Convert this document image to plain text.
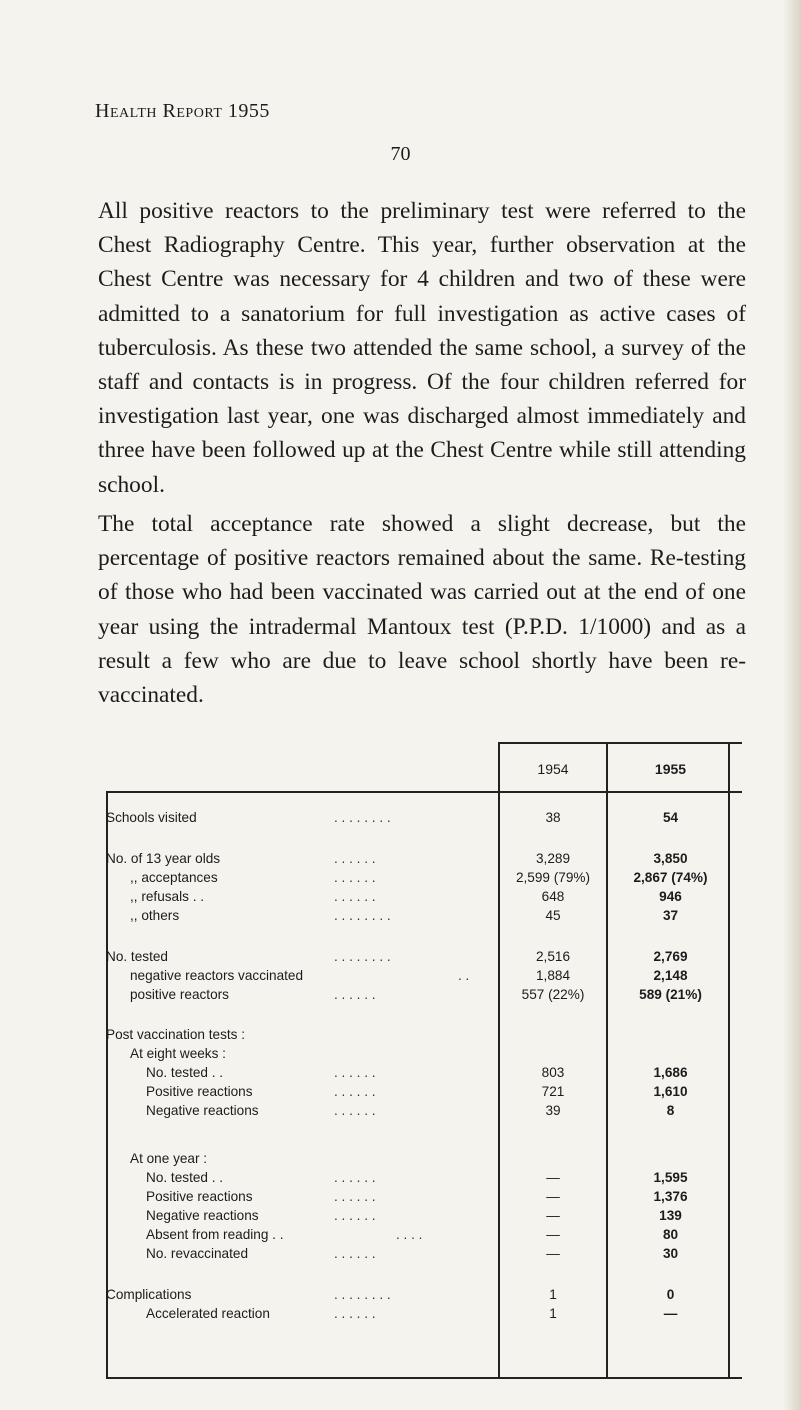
Health Report 1955
70

All positive reactors to the preliminary test were referred to the Chest Radiography Centre. This year, further observation at the Chest Centre was necessary for 4 children and two of these were admitted to a sanatorium for full investigation as active cases of tuberculosis. As these two attended the same school, a survey of the staff and contacts is in progress. Of the four children referred for investigation last year, one was discharged almost immediately and three have been followed up at the Chest Centre while still attending school.

The total acceptance rate showed a slight decrease, but the percentage of positive reactors remained about the same. Re-testing of those who had been vaccinated was carried out at the end of one year using the intradermal Mantoux test (P.P.D. 1/1000) and as a result a few who are due to leave school shortly have been re-vaccinated.

1954	1955
Schools visited	. . . . . . . .	38	54
No. of 13 year olds	. . . . . .	3,289	3,850
,, acceptances	. . . . . .	2,599 (79%)	2,867 (74%)
,, refusals . .	. . . . . .	648	946
,, others	. . . . . . . .	45	37
No. tested	. . . . . . . .	2,516	2,769
negative reactors vaccinated	. .	1,884	2,148
positive reactors	. . . . . .	557 (22%)	589 (21%)
Post vaccination tests :
At eight weeks :
No. tested . .	. . . . . .	803	1,686
Positive reactions	. . . . . .	721	1,610
Negative reactions	. . . . . .	39	8
At one year :
No. tested . .	. . . . . .	—	1,595
Positive reactions	. . . . . .	—	1,376
Negative reactions	. . . . . .	—	139
Absent from reading . .	. . . .	—	80
No. revaccinated	. . . . . .	—	30
Complications	. . . . . . . .	1	0
Accelerated reaction	. . . . . .	1	—
